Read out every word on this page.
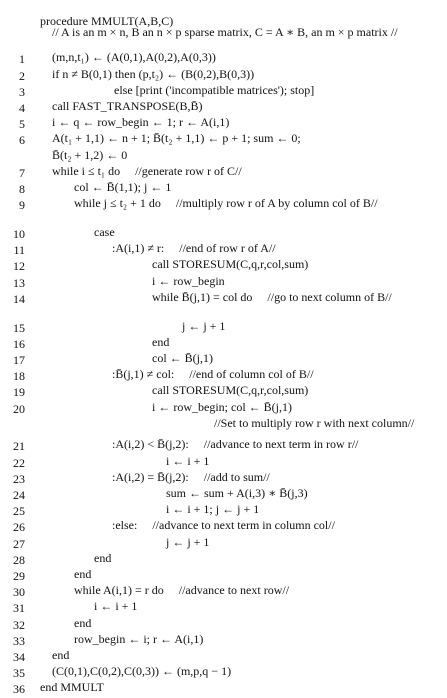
procedure MMULT(A,B,C)
// A is an m × n, B an n × p sparse matrix, C = A ∗ B, an m × p matrix //
1 (m,n,t₁) ← (A(0,1),A(0,2),A(0,3))
2 if n ≠ B(0,1) then (p,t₂) ← (B(0,2),B(0,3))
3	else [print ('incompatible matrices'); stop]
4 call FAST_TRANSPOSE(B,B̄)
5 i ← q ← row_begin ← 1; r ← A(i,1)
6 A(t₁ + 1,1) ← n + 1; B̄(t₂ + 1,1) ← p + 1; sum ← 0;
B̄(t₂ + 1,2) ← 0
7 while i ≤ t₁ do     //generate row r of C//
8	col ← B̄(1,1); j ← 1
9	while j ≤ t₂ + 1 do     //multiply row r of A by column col of B//
10	case
11	:A(i,1) ≠ r:     //end of row r of A//
12	call STORESUM(C,q,r,col,sum)
13	i ← row_begin
14	while B̄(j,1) = col do     //go to next column of B//
15	j ← j + 1
16	end
17	col ← B̄(j,1)
18	:B̄(j,1) ≠ col:     //end of column col of B//
19	call STORESUM(C,q,r,col,sum)
20	i ← row_begin; col ← B̄(j,1)
//Set to multiply row r with next column//
21	:A(i,2) < B̄(j,2):     //advance to next term in row r//
22	i ← i + 1
23	:A(i,2) = B̄(j,2):     //add to sum//
24	sum ← sum + A(i,3) ∗ B̄(j,3)
25	i ← i + 1; j ← j + 1
26	:else:     //advance to next term in column col//
27	j ← j + 1
28	end
29	end
30	while A(i,1) = r do     //advance to next row//
31	i ← i + 1
32	end
33	row_begin ← i; r ← A(i,1)
34 end
35 (C(0,1),C(0,2),C(0,3)) ← (m,p,q − 1)
36 end MMULT
